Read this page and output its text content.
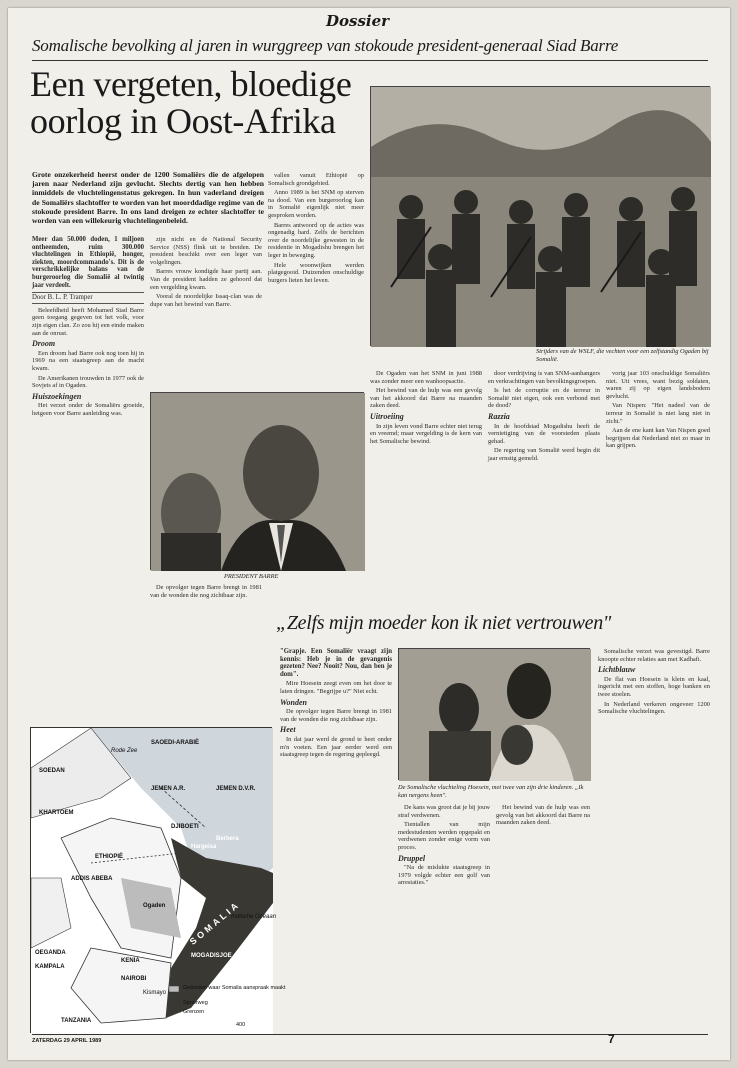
Dossier
Somalische bevolking al jaren in wurggreep van stokoude president-generaal Siad Barre
Een vergeten, bloedige oorlog in Oost-Afrika
Grote onzekerheid heerst onder de 1200 Somaliërs die de afgelopen jaren naar Nederland zijn gevlucht. Slechts dertig van hen hebben inmiddels de vluchtelingenstatus gekregen. In hun vaderland dreigen de Somaliërs slachtoffer te worden van het moorddadige regime van de stokoude president Barre. In ons land dreigen ze echter slachtoffer te worden van een willekeurig vluchtelingenbeleid.

Meer dan 50.000 doden, 1 miljoen ontheemden, ruim 300.000 vluchtelingen in Ethiopië, honger, ziekten, moordcommando's. Dit is de verschrikkelijke balans van de burgeroorlog die Somalië al twintig jaar verdeelt.

Door B. L. P. Tramper

Beleefdheid heeft Mohamed Siad Barre geen toegang gegeven tot het volk, voor zijn eigen clan. Zo zou hij een einde maken aan de onrust.

Droom

Een droom had Barre ook nog toen hij in 1969 na een staatsgreep aan de macht kwam.

De Amerikanen trouwden in 1977 ook de Sovjets af in Ogaden.

Huiszoekingen

Het verzet onder de Somaliërs groeide, hetgeen voor Barre aanleiding was.

zijn nicht en de National Security Service (NSS) flink uit te breiden. De president beschikt over een leger van volgelingen.

Barres vrouw kondigde haar partij aan. Van de president hadden ze gehoord dat een vergelding kwam.

Vooral de noordelijke Issaq-clan was de dupe van het bewind van Barre.

vallen vanuit Ethiopië op Somalisch grondgebied.

Anno 1989 is het SNM op sterven na dood. Van een burgeroorlog kan in Somalië eigenlijk niet meer gesproken worden.

Barres antwoord op de acties was ongenadig hard. Zelfs de berichten over de noordelijke gewesten in de residentie in Mogadishu brengen het leger in beweging.

Hele woonwijken werden platgegooid. Duizenden onschuldige burgers lieten het leven.

Strijders van de WSLF, die vechten voor een zelfstandig Ogaden bij Somalië.
PRESIDENT BARRE

De Ogaden van het SNM in juni 1988 was zonder meer een wanhoopsactie.

Het bewind van de hulp was een gevolg van het akkoord dat Barre na maanden zaken deed.

Uitroeiing

In zijn leven vond Barre echter niet terug en vreemd; maar vergelding is de kern van het Somalische bewind.

door verdrijving is van SNM-aanhangers en verkrachtingen van bevolkingsgroepen.

Is het de corruptie en de terreur in Somalië niet eigen, ook een verbond met de dood?

Razzia

In de hoofdstad Mogadishu heeft de vernietiging van de voorsteden plaats gehad.

De regering van Somalië werd begin dit jaar ernstig gemeld.

vorig jaar 103 onschuldige Somaliërs niet. Uit vrees, want bezig soldaten, waren zij op eigen landsbodem gevlucht.

Van Nispen: "Het nadeel van de terreur in Somalië is niet lang niet in zicht."

Aan de ene kant kan Van Nispen goed begrijpen dat Nederland niet zo maar in kan grijpen.

De opvolger tegen Barre brengt in 1981 van de wonden die nog zichtbaar zijn.

„Zelfs mijn moeder kon ik niet vertrouwen"

"Grapje. Een Somaliër vraagt zijn kennis: Heb je in de gevangenis gezeten? Nee? Nooit? Nou, dan ben je dom".

Mire Hoesein zeegt even om het door te laten dringen. "Begrijpe u?" Niet echt.

Wonden

De opvolger tegen Barre brengt in 1981 van de wonden die nog zichtbaar zijn.

Heet

In dat jaar werd de grond te heet onder m'n voeten. Een jaar eerder werd een staatsgreep tegen de regering gepleegd.

De Somalische vluchteling Hoesein, met twee van zijn drie kinderen. „Ik kan nergens heen".

De kans was groot dat je bij jouw straf verdwenen.

Tientallen van mijn medestudenten werden opgepakt en verdwenen zonder enige vorm van proces.

Druppel

"Na de mislukte staatsgreep in 1979 volgde echter een golf van arrestaties."

Het bewind van de hulp was een gevolg van het akkoord dat Barre na maanden zaken deed.

Somalische verzet was gevestigd. Barre knoopte echter relaties aan met Kadhafi.

Lichtblauw

De flat van Hoesein is klein en kaal, ingericht met een stoffen, hoge banken en twee stoelen.

In Nederland verkeren ongeveer 1200 Somalische vluchtelingen.

SAOEDI-ARABIË
JEMEN A.R.	JEMEN D.V.R.
SOEDAN
KHARTOEM
ETHIOPIË
ADDIS ABEBA
DJIBOETI
Hargeisa
Berbera
Ogaden SOMALIA
MOGADISJOE
KENIA
NAIROBI
OEGANDA
KAMPALA
TANZANIA
Rode Zee
Indische Oceaan
Kismayo
Gebieden waar Somalia aanspraak maakt
Spoorweg
Grenzen
400
ZATERDAG 29 APRIL 1989	7
